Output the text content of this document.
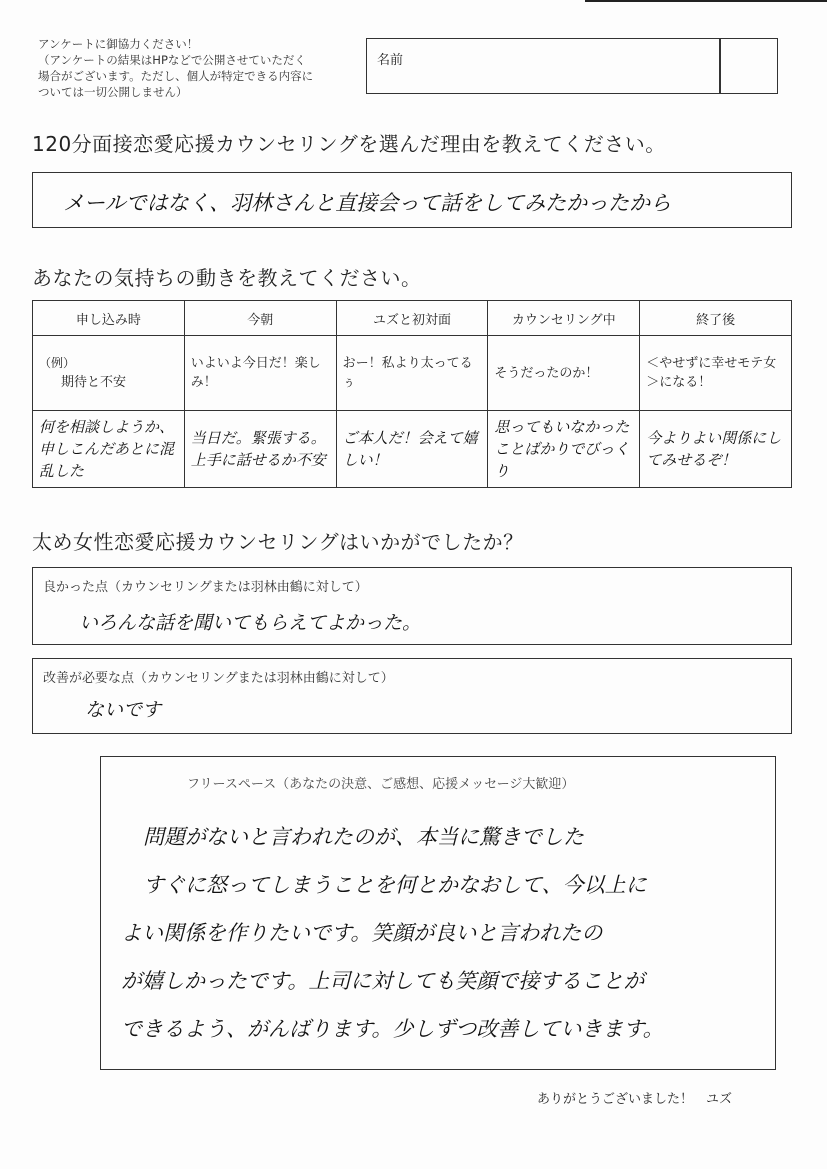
アンケートに御協力ください！
（アンケートの結果はHPなどで公開させていただく
場合がございます。ただし、個人が特定できる内容に
ついては一切公開しません）
名前
120分面接恋愛応援カウンセリングを選んだ理由を教えてください。
メールではなく、羽林さんと直接会って話をしてみたかったから
あなたの気持ちの動きを教えてください。
申し込み時	今朝	ユズと初対面	カウンセリング中	終了後

（例）
期待と不安	いよいよ今日だ！楽しみ！	おー！私より太ってるぅ	そうだったのか！	＜やせずに幸せモテ女＞になる！
何を相談しようか、申しこんだあとに混乱した	当日だ。緊張する。上手に話せるか不安	ご本人だ！会えて嬉しい！	思ってもいなかったことばかりでびっくり	今よりよい関係にしてみせるぞ！
太め女性恋愛応援カウンセリングはいかがでしたか？
良かった点（カウンセリングまたは羽林由鶴に対して）
いろんな話を聞いてもらえてよかった。
改善が必要な点（カウンセリングまたは羽林由鶴に対して）
ないです
フリースペース（あなたの決意、ご感想、応援メッセージ大歓迎）
問題がないと言われたのが、本当に驚きでした
すぐに怒ってしまうことを何とかなおして、今以上に
よい関係を作りたいです。笑顔が良いと言われたの
が嬉しかったです。上司に対しても笑顔で接することが
できるよう、がんばります。少しずつ改善していきます。
ありがとうございました！　ユズ
